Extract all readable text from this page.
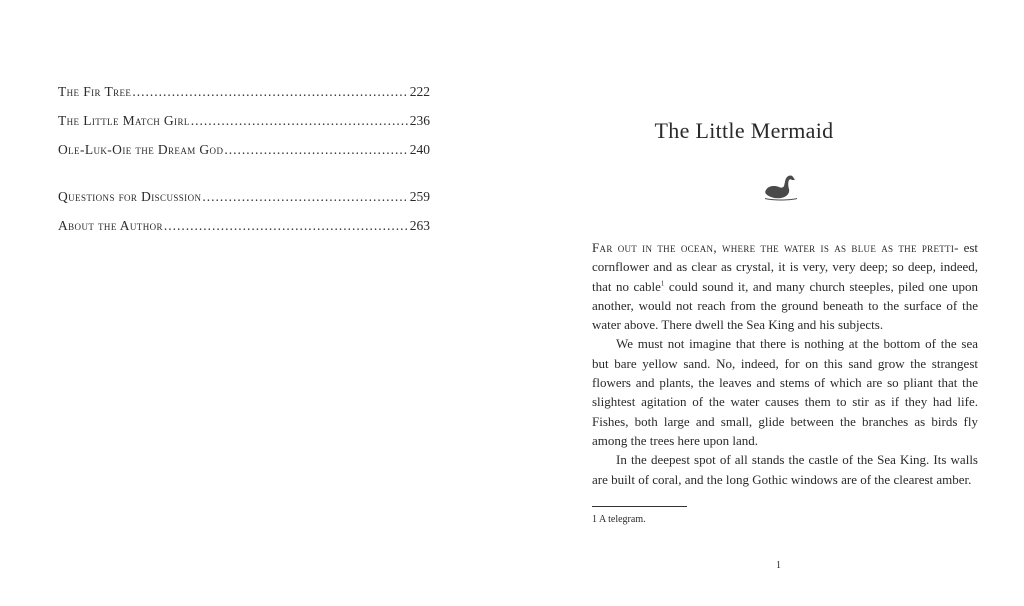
The Fir Tree .....	222
The Little Match Girl .....	236
Ole-Luk-Oie the Dream God .....	240
Questions for Discussion .....	259
About the Author .....	263
The Little Mermaid

Far out in the ocean, where the water is as blue as the pretti- est cornflower and as clear as crystal, it is very, very deep; so deep, indeed, that no cable$^1$ could sound it, and many church steeples, piled one upon another, would not reach from the ground beneath to the surface of the water above. There dwell the Sea King and his subjects.

We must not imagine that there is nothing at the bottom of the sea but bare yellow sand. No, indeed, for on this sand grow the strangest flowers and plants, the leaves and stems of which are so pliant that the slightest agitation of the water causes them to stir as if they had life. Fishes, both large and small, glide between the branches as birds fly among the trees here upon land.

In the deepest spot of all stands the castle of the Sea King. Its walls are built of coral, and the long Gothic windows are of the clearest amber.

1 A telegram.
1
